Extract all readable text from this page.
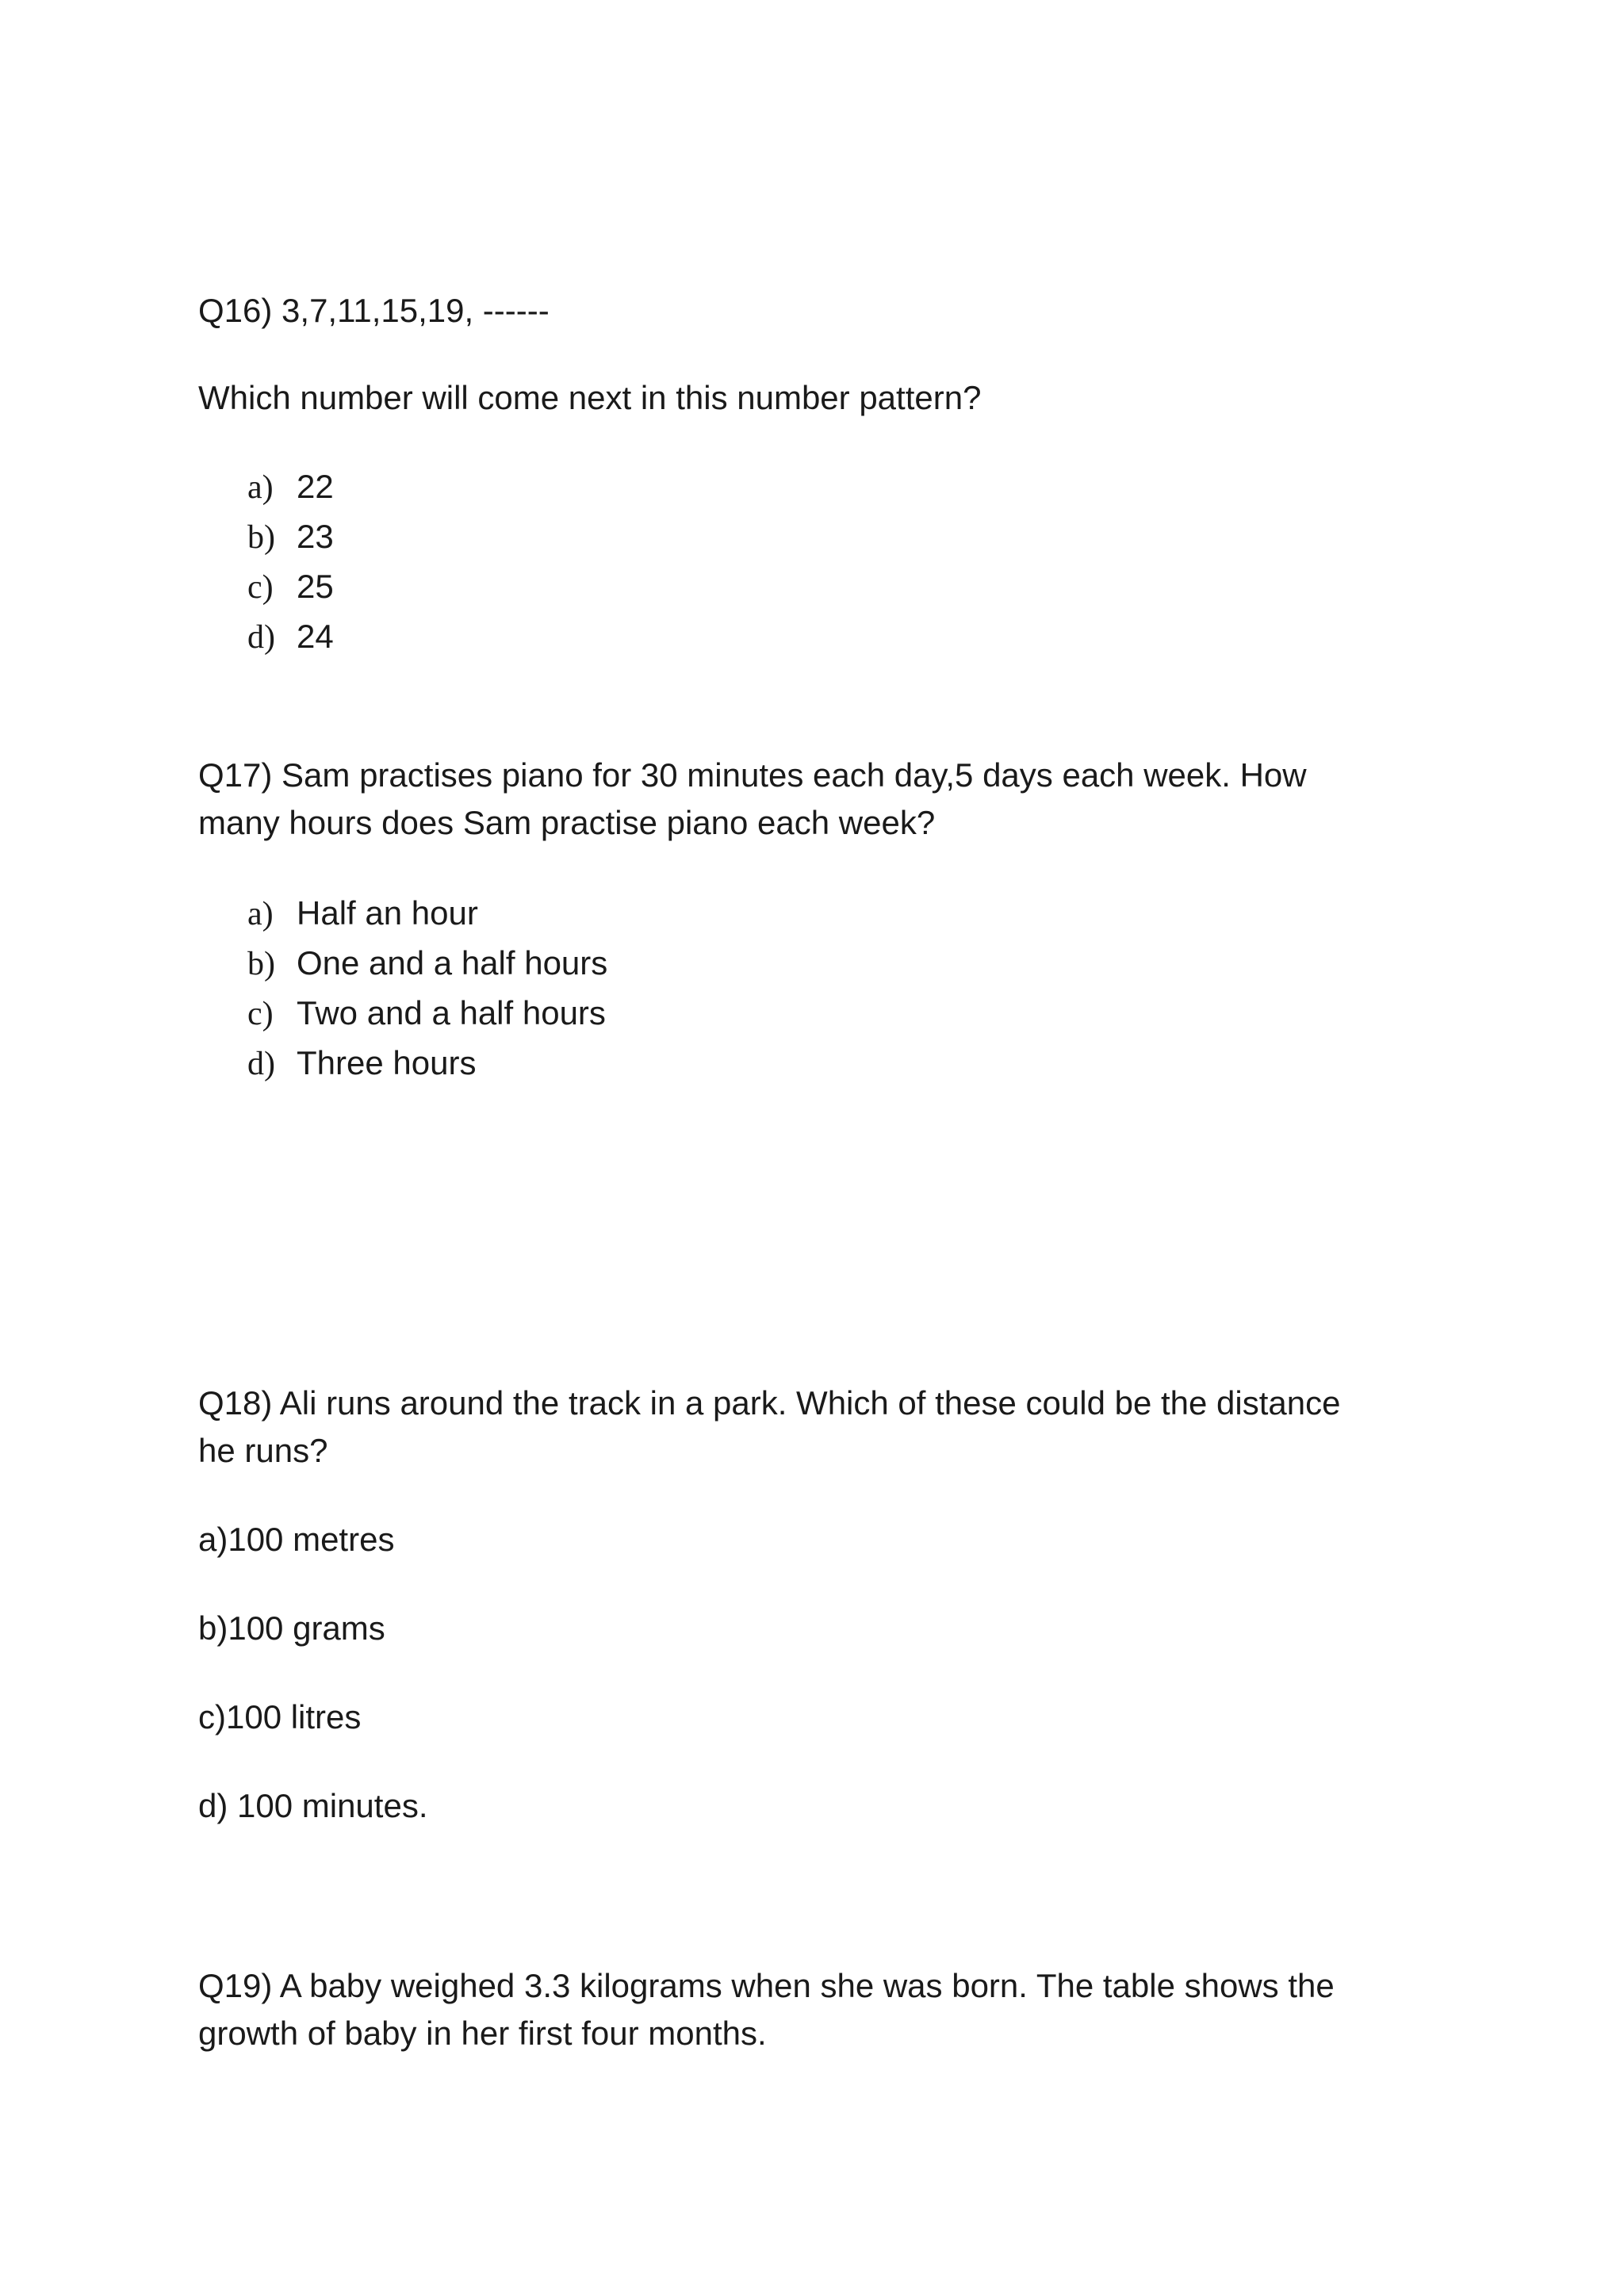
Q16) 3,7,11,15,19, ------
Which number will come next in this number pattern?
a) 22
b) 23
c) 25
d) 24
Q17) Sam practises piano for 30 minutes each day,5 days each week. How
many hours does Sam practise piano each week?
a) Half an hour
b) One and a half hours
c) Two and a half hours
d) Three hours
Q18) Ali runs around the track in a park. Which of these could be the distance
he runs?
a)100 metres
b)100 grams
c)100 litres
d) 100 minutes.
Q19) A baby weighed 3.3 kilograms when she was born. The table shows the
growth of baby in her first four months.
